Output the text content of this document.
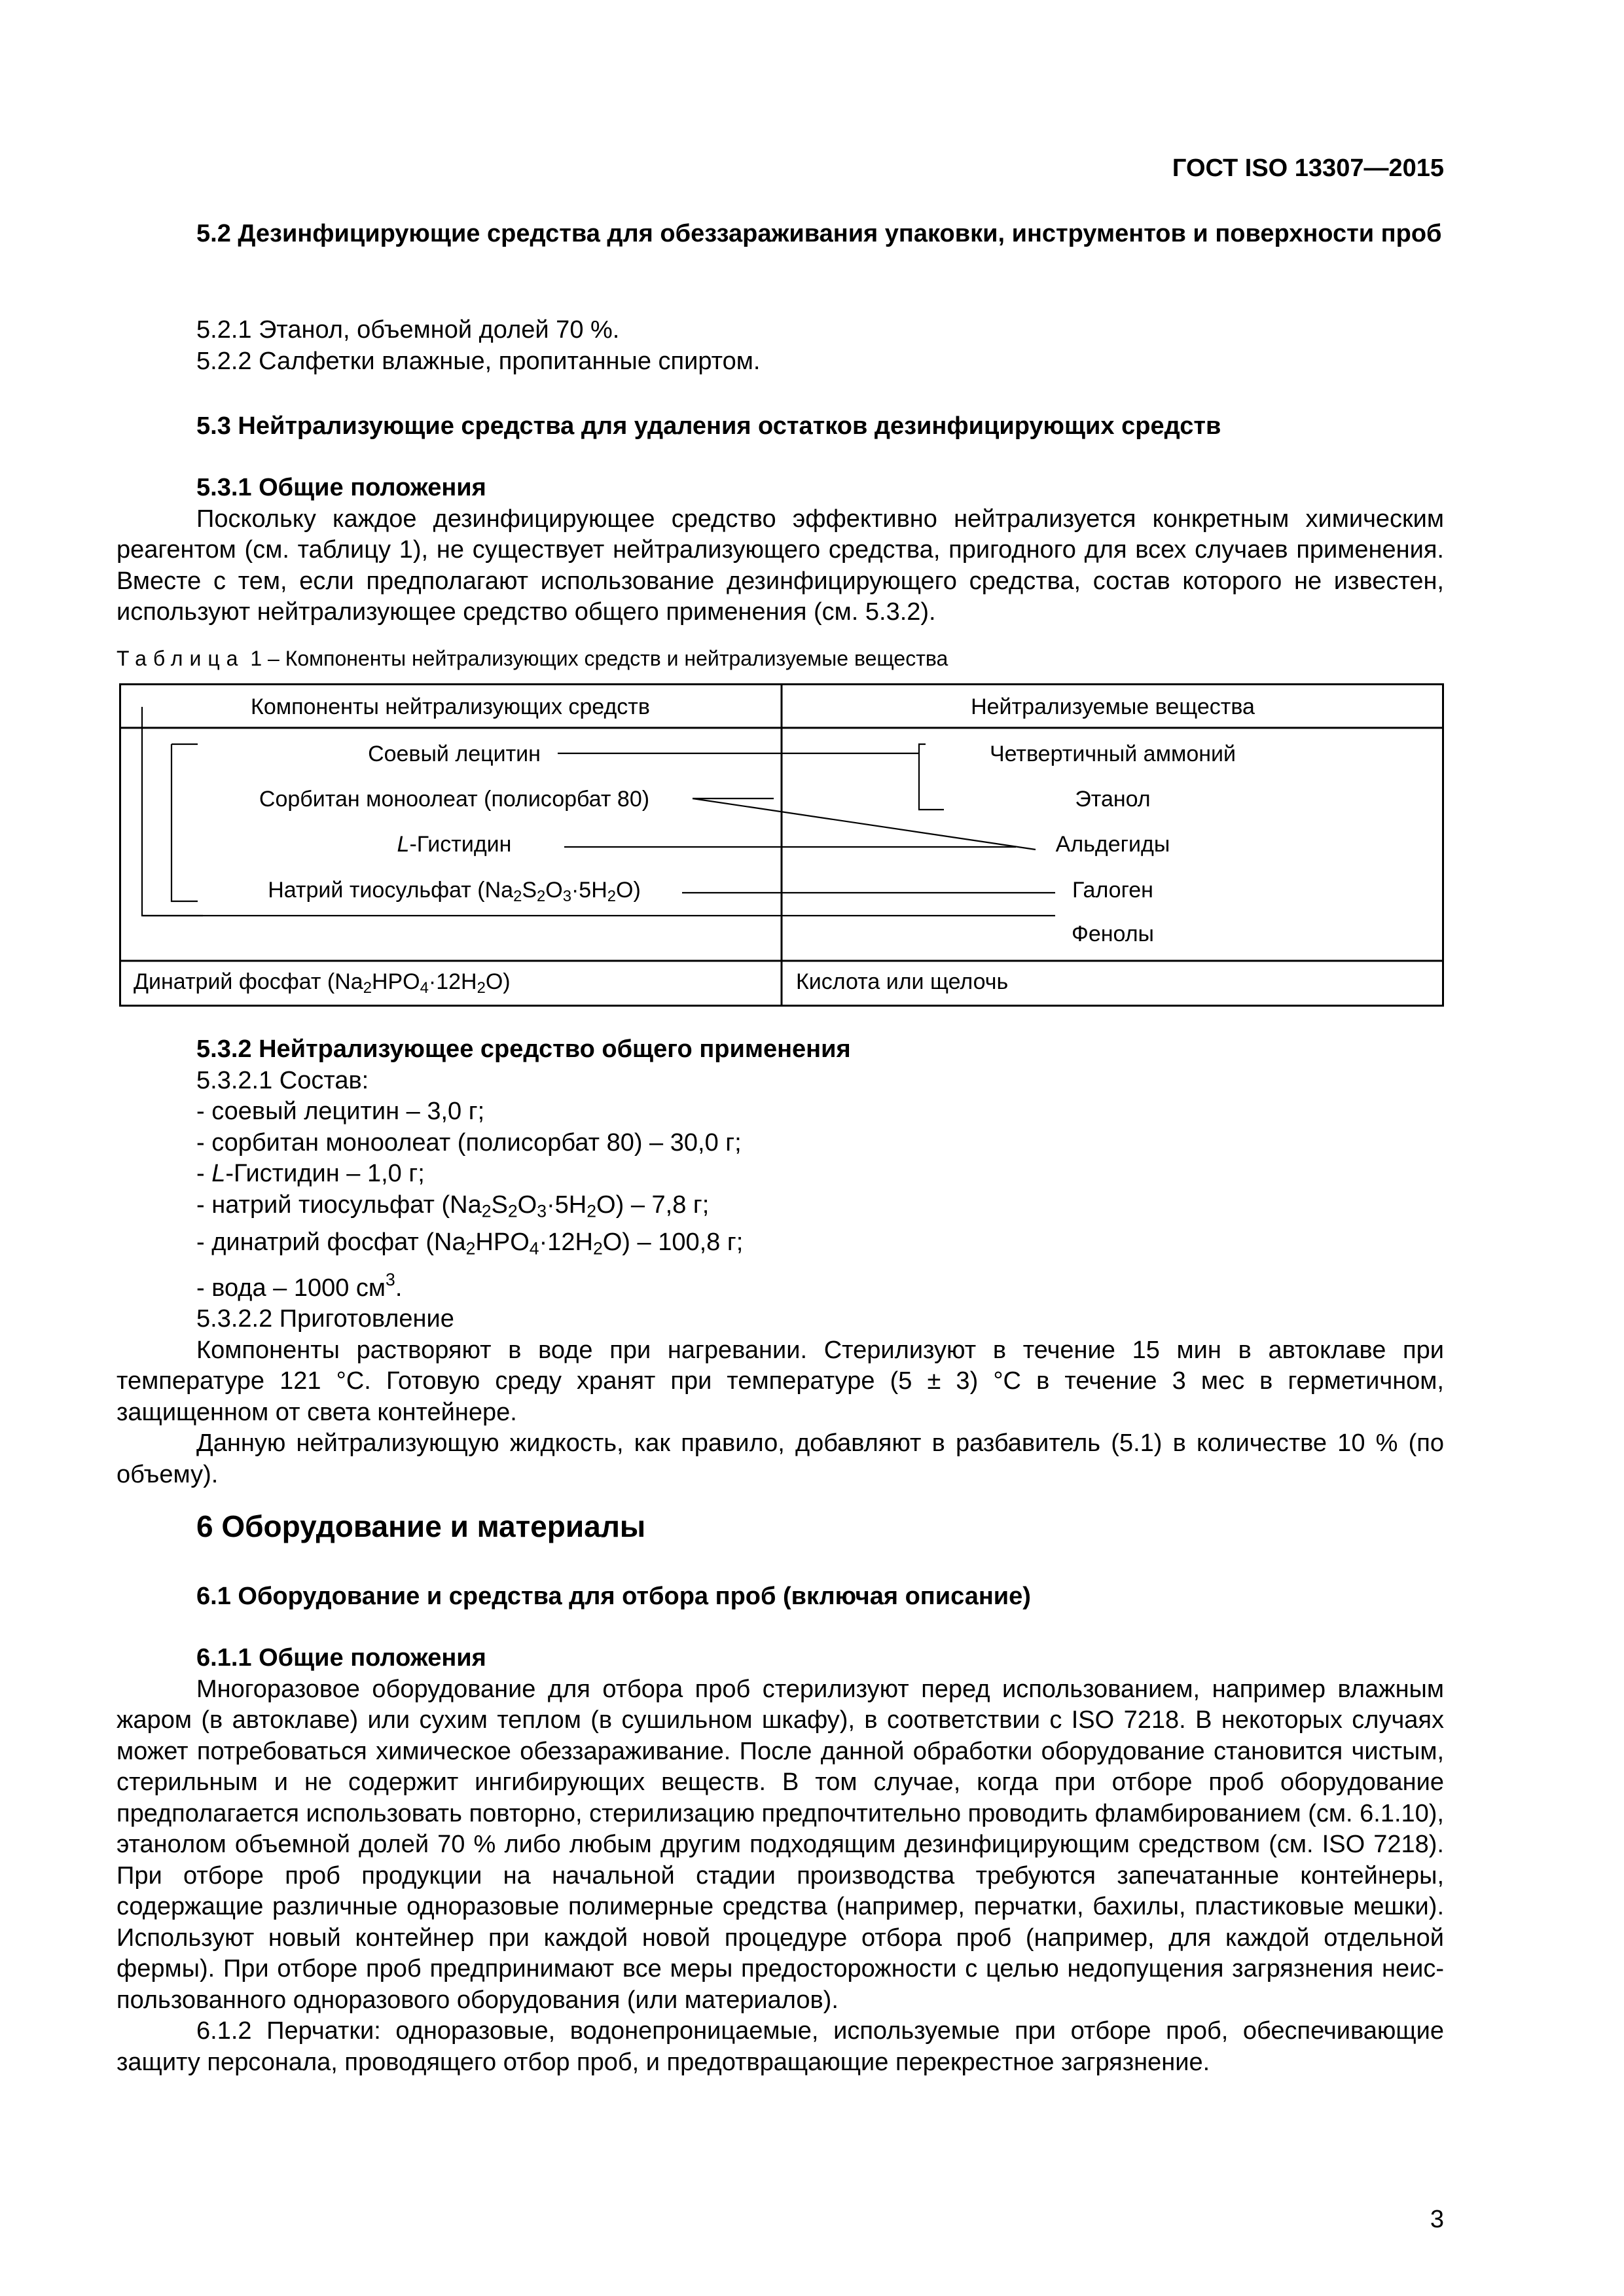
ГОСТ ISO 13307—2015
5.2 Дезинфицирующие средства для обеззараживания упаковки, инструментов и поверхности проб

5.2.1 Этанол, объемной долей 70 %.

5.2.2 Салфетки влажные, пропитанные спиртом.

5.3 Нейтрализующие средства для удаления остатков дезинфицирующих средств

5.3.1 Общие положения

Поскольку каждое дезинфицирующее средство эффективно нейтрализуется конкретным химическим реагентом (см. таблицу 1), не существует нейтрализующего средства, пригодного для всех случаев применения. Вместе с тем, если предполагают использование дезинфицирующего средства, состав которого не известен, используют нейтрализующее средство общего применения (см. 5.3.2).

Таблица 1 – Компоненты нейтрализующих средств и нейтрализуемые вещества
Компоненты нейтрализующих средств	Нейтрализуемые вещества
Соевый лецитин
Сорбитан моноолеат (полисорбат 80)
L-Гистидин
Натрий тиосульфат $(Na_2S_2O_3\cdot 5H_2O)$
Четвертичный аммоний
Этанол
Альдегиды
Галоген
Фенолы
Динатрий фосфат $(Na_2HPO_4\cdot 12H_2O)$	Кислота или щелочь

5.3.2 Нейтрализующее средство общего применения

5.3.2.1 Состав:

- соевый лецитин – 3,0 г;

- сорбитан моноолеат (полисорбат 80) – 30,0 г;

- L-Гистидин – 1,0 г;

- натрий тиосульфат $(Na_2S_2O_3\cdot 5H_2O) - 7,8$ г;

- динатрий фосфат $(Na_2HPO_4\cdot 12H_2O) - 100,8$ г;

- вода – 1000 $см^3$.

5.3.2.2 Приготовление

Компоненты растворяют в воде при нагревании. Стерилизуют в течение 15 мин в автоклаве при температуре 121 °С. Готовую среду хранят при температуре (5 ± 3) °С в течение 3 мес в герметичном, защищенном от света контейнере.

Данную нейтрализующую жидкость, как правило, добавляют в разбавитель (5.1) в количестве 10 % (по объему).

6 Оборудование и материалы
6.1 Оборудование и средства для отбора проб (включая описание)

6.1.1 Общие положения

Многоразовое оборудование для отбора проб стерилизуют перед использованием, например влажным жаром (в автоклаве) или сухим теплом (в сушильном шкафу), в соответствии с ISO 7218. В некоторых случаях может потребоваться химическое обеззараживание. После данной обработки оборудование становится чистым, стерильным и не содержит ингибирующих веществ. В том случае, когда при отборе проб оборудование предполагается использовать повторно, стерилизацию предпочтительно проводить фламбированием (см. 6.1.10), этанолом объемной долей 70 % либо любым другим подходящим дезинфицирующим средством (см. ISO 7218). При отборе проб продукции на начальной стадии производства требуются запечатанные контейнеры, содержащие различные одноразовые полимерные средства (например, перчатки, бахилы, пластиковые мешки). Используют новый контейнер при каждой новой процедуре отбора проб (например, для каждой отдельной фермы). При отборе проб предпринимают все меры предосторожности с целью недопущения загрязнения неиспользованного одноразового оборудования (или материалов).

6.1.2 Перчатки: одноразовые, водонепроницаемые, используемые при отборе проб, обеспечивающие защиту персонала, проводящего отбор проб, и предотвращающие перекрестное загрязнение.

3
